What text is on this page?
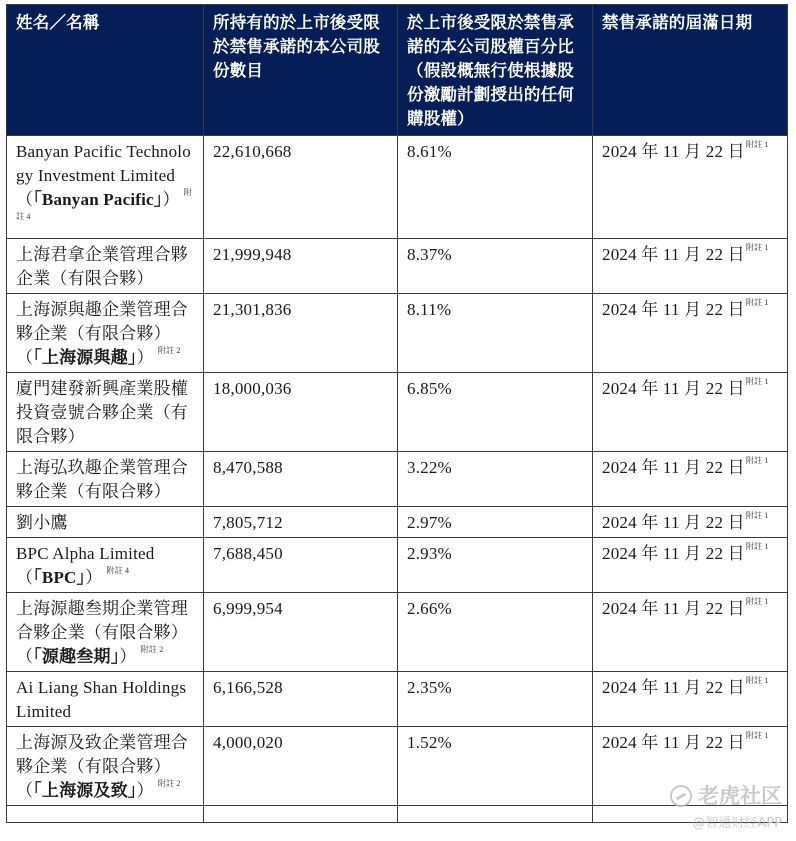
姓名／名稱	所持有的於上市後受限於禁售承諾的本公司股份數目	於上市後受限於禁售承諾的本公司股權百分比（假設概無行使根據股份激勵計劃授出的任何購股權）	禁售承諾的屆滿日期
Banyan Pacific Technology Investment Limited （「Banyan Pacific」） $^{附註 4}$	22,610,668	8.61%	2024 年 11 月 22 日$^{附註 1}$
上海君拿企業管理合夥企業（有限合夥）	21,999,948	8.37%	2024 年 11 月 22 日$^{附註 1}$
上海源與趣企業管理合夥企業（有限合夥）（「上海源與趣」） $^{附註 2}$	21,301,836	8.11%	2024 年 11 月 22 日$^{附註 1}$
廈門建發新興產業股權投資壹號合夥企業（有限合夥）	18,000,036	6.85%	2024 年 11 月 22 日$^{附註 1}$
上海弘玖趣企業管理合夥企業（有限合夥）	8,470,588	3.22%	2024 年 11 月 22 日$^{附註 1}$
劉小鷹	7,805,712	2.97%	2024 年 11 月 22 日$^{附註 1}$
BPC Alpha Limited （「BPC」） $^{附註 4}$	7,688,450	2.93%	2024 年 11 月 22 日$^{附註 1}$
上海源趣叁期企業管理合夥企業（有限合夥）（「源趣叁期」） $^{附註 2}$	6,999,954	2.66%	2024 年 11 月 22 日$^{附註 1}$
Ai Liang Shan Holdings Limited	6,166,528	2.35%	2024 年 11 月 22 日$^{附註 1}$
上海源及致企業管理合夥企業（有限合夥）（「上海源及致」） $^{附註 2}$	4,000,020	1.52%	2024 年 11 月 22 日$^{附註 1}$

老虎社区
@智通财经APP
